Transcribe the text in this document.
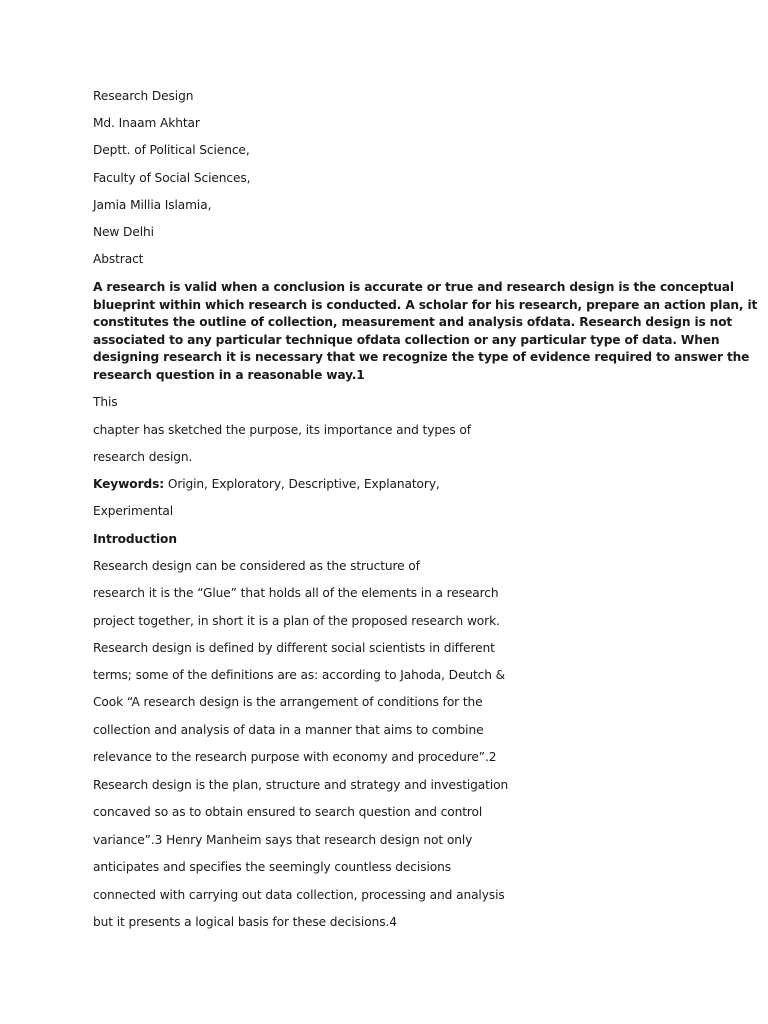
Research Design
Md. Inaam Akhtar
Deptt. of Political Science,
Faculty of Social Sciences,
Jamia Millia Islamia,
New Delhi
Abstract
A research is valid when a conclusion is accurate or true and research design is the conceptual
blueprint within which research is conducted. A scholar for his research, prepare an action plan, it
constitutes the outline of collection, measurement and analysis ofdata. Research design is not
associated to any particular technique ofdata collection or any particular type of data. When
designing research it is necessary that we recognize the type of evidence required to answer the
research question in a reasonable way.1
This
chapter has sketched the purpose, its importance and types of
research design.
Keywords: Origin, Exploratory, Descriptive, Explanatory,
Experimental
Introduction
Research design can be considered as the structure of
research it is the “Glue” that holds all of the elements in a research
project together, in short it is a plan of the proposed research work.
Research design is defined by different social scientists in different
terms; some of the definitions are as: according to Jahoda, Deutch &
Cook “A research design is the arrangement of conditions for the
collection and analysis of data in a manner that aims to combine
relevance to the research purpose with economy and procedure”.2
Research design is the plan, structure and strategy and investigation
concaved so as to obtain ensured to search question and control
variance”.3 Henry Manheim says that research design not only
anticipates and specifies the seemingly countless decisions
connected with carrying out data collection, processing and analysis
but it presents a logical basis for these decisions.4
